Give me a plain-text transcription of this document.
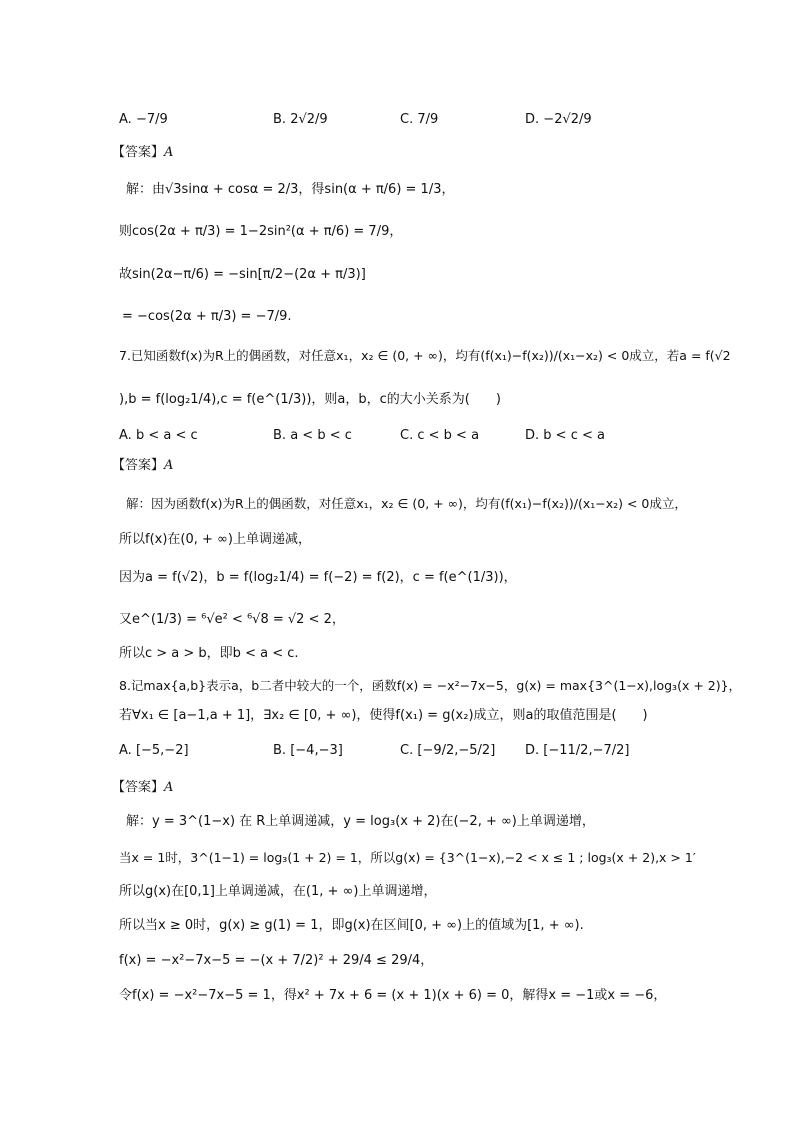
A. −7/9	B. 2√2/9	C. 7/9	D. −2√2/9
【答案】A
解：由√3sinα + cosα = 2/3，得sin(α + π/6) = 1/3，
则cos(2α + π/3) = 1−2sin²(α + π/6) = 7/9，
故sin(2α−π/6) = −sin[π/2−(2α + π/3)]
= −cos(2α + π/3) = −7/9.
7.已知函数f(x)为R上的偶函数，对任意x₁，x₂ ∈ (0, + ∞)，均有(f(x₁)−f(x₂))/(x₁−x₂) < 0成立，若a = f(√2
),b = f(log₂1/4),c = f(e^(1/3))，则a，b，c的大小关系为(　　)
A. b < a < c	B. a < b < c	C. c < b < a	D. b < c < a
【答案】A
解：因为函数f(x)为R上的偶函数，对任意x₁，x₂ ∈ (0, + ∞)，均有(f(x₁)−f(x₂))/(x₁−x₂) < 0成立，
所以f(x)在(0, + ∞)上单调递减，
因为a = f(√2)，b = f(log₂1/4) = f(−2) = f(2)，c = f(e^(1/3))，
又e^(1/3) = ⁶√e² < ⁶√8 = √2 < 2，
所以c > a > b，即b < a < c.
8.记max{a,b}表示a，b二者中较大的一个，函数f(x) = −x²−7x−5，g(x) = max{3^(1−x),log₃(x + 2)}，
若∀x₁ ∈ [a−1,a + 1]，∃x₂ ∈ [0, + ∞)，使得f(x₁) = g(x₂)成立，则a的取值范围是(　　)
A. [−5,−2]	B. [−4,−3]	C. [−9/2,−5/2] D. [−11/2,−7/2]
【答案】A
解：y = 3^(1−x) 在 R上单调递减，y = log₃(x + 2)在(−2, + ∞)上单调递增，
当x = 1时，3^(1−1) = log₃(1 + 2) = 1，所以g(x) = {3^(1−x),−2 < x ≤ 1 ; log₃(x + 2),x > 1′
所以g(x)在[0,1]上单调递减，在(1, + ∞)上单调递增，
所以当x ≥ 0时，g(x) ≥ g(1) = 1，即g(x)在区间[0, + ∞)上的值域为[1, + ∞).
f(x) = −x²−7x−5 = −(x + 7/2)² + 29/4 ≤ 29/4，
令f(x) = −x²−7x−5 = 1，得x² + 7x + 6 = (x + 1)(x + 6) = 0，解得x = −1或x = −6，
